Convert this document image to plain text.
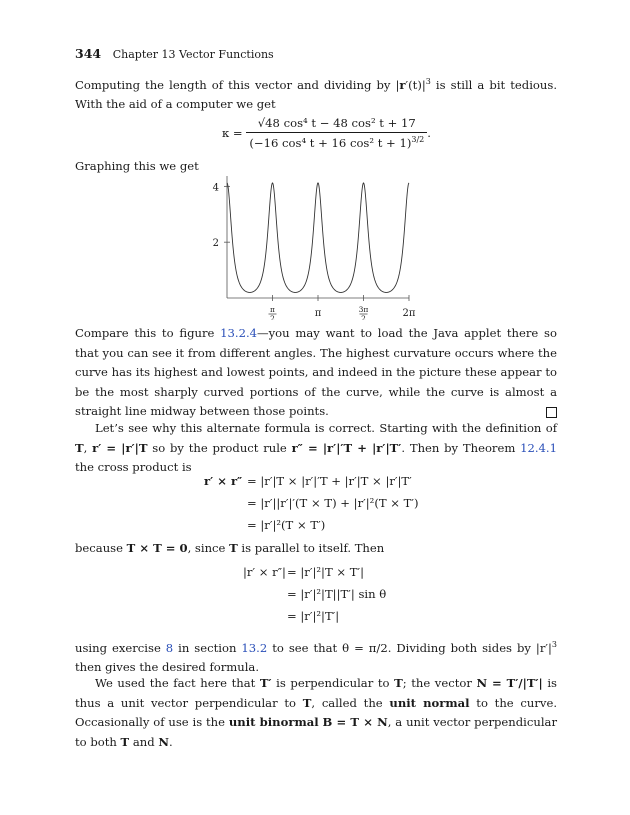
344 Chapter 13 Vector Functions
Computing the length of this vector and dividing by $|r'(t)|^3$ is still a bit tedious. With the aid of a computer we get
$\kappa = \frac{\text{√48 cos⁴ t − 48 cos² t + 17}}{(-16 \cos^4 t + 16 \cos^2 t + 1)^{3/2}}$ .
Graphing this we get
2
4
π
2	π	3π
2	2π
Compare this to figure 13.2.4—you may want to load the Java applet there so that you can see it from different angles. The highest curvature occurs where the curve has its highest and lowest points, and indeed in the picture these appear to be the most sharply curved portions of the curve, while the curve is almost a straight line midway between those points.
Let’s see why this alternate formula is correct. Starting with the definition of T, r′ = |r′|T so by the product rule r″ = |r′|′T + |r′|T′. Then by Theorem 12.4.1 the cross product is
r′ × r″ = |r′|T × |r′|′T + |r′|T × |r′|T′
= |r′||r′|′(T × T) + |r′|²(T × T′)
= |r′|²(T × T′)
because T × T = 0, since T is parallel to itself. Then
|r′ × r″| = |r′|²|T × T′|
= |r′|²|T||T′| sin θ
= |r′|²|T′|
using exercise 8 in section 13.2 to see that θ = π/2. Dividing both sides by $|r'|^3$ then gives the desired formula.
We used the fact here that T′ is perpendicular to T; the vector N = T′/|T′| is thus a unit vector perpendicular to T, called the unit normal to the curve. Occasionally of use is the unit binormal B = T × N, a unit vector perpendicular to both T and N.
